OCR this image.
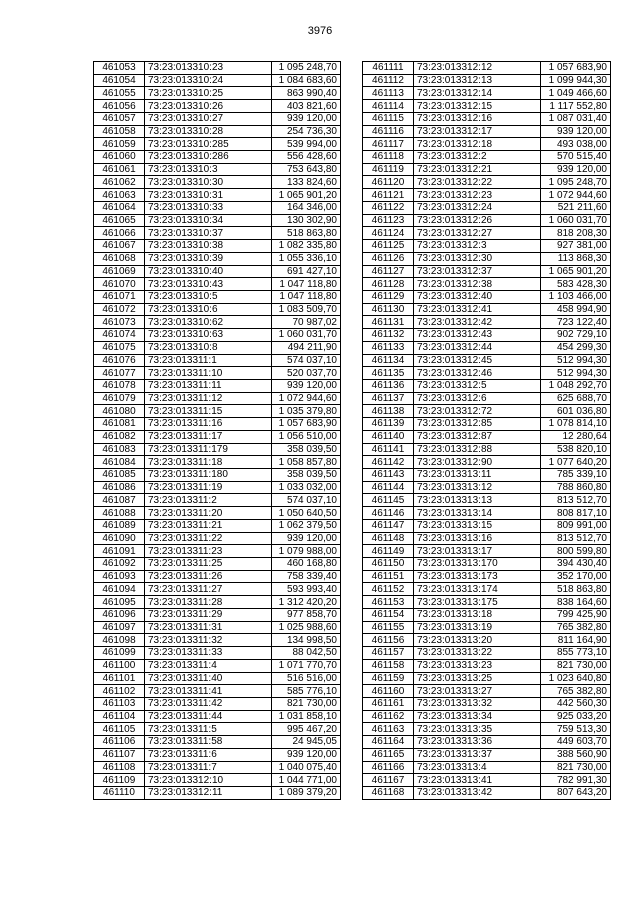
3976
461053	73:23:013310:23	1 095 248,70
461054	73:23:013310:24	1 084 683,60
461055	73:23:013310:25	863 990,40
461056	73:23:013310:26	403 821,60
461057	73:23:013310:27	939 120,00
461058	73:23:013310:28	254 736,30
461059	73:23:013310:285	539 994,00
461060	73:23:013310:286	556 428,60
461061	73:23:013310:3	753 643,80
461062	73:23:013310:30	133 824,60
461063	73:23:013310:31	1 065 901,20
461064	73:23:013310:33	164 346,00
461065	73:23:013310:34	130 302,90
461066	73:23:013310:37	518 863,80
461067	73:23:013310:38	1 082 335,80
461068	73:23:013310:39	1 055 336,10
461069	73:23:013310:40	691 427,10
461070	73:23:013310:43	1 047 118,80
461071	73:23:013310:5	1 047 118,80
461072	73:23:013310:6	1 083 509,70
461073	73:23:013310:62	70 987,02
461074	73:23:013310:63	1 060 031,70
461075	73:23:013310:8	494 211,90
461076	73:23:013311:1	574 037,10
461077	73:23:013311:10	520 037,70
461078	73:23:013311:11	939 120,00
461079	73:23:013311:12	1 072 944,60
461080	73:23:013311:15	1 035 379,80
461081	73:23:013311:16	1 057 683,90
461082	73:23:013311:17	1 056 510,00
461083	73:23:013311:179	358 039,50
461084	73:23:013311:18	1 058 857,80
461085	73:23:013311:180	358 039,50
461086	73:23:013311:19	1 033 032,00
461087	73:23:013311:2	574 037,10
461088	73:23:013311:20	1 050 640,50
461089	73:23:013311:21	1 062 379,50
461090	73:23:013311:22	939 120,00
461091	73:23:013311:23	1 079 988,00
461092	73:23:013311:25	460 168,80
461093	73:23:013311:26	758 339,40
461094	73:23:013311:27	593 993,40
461095	73:23:013311:28	1 312 420,20
461096	73:23:013311:29	977 858,70
461097	73:23:013311:31	1 025 988,60
461098	73:23:013311:32	134 998,50
461099	73:23:013311:33	88 042,50
461100	73:23:013311:4	1 071 770,70
461101	73:23:013311:40	516 516,00
461102	73:23:013311:41	585 776,10
461103	73:23:013311:42	821 730,00
461104	73:23:013311:44	1 031 858,10
461105	73:23:013311:5	995 467,20
461106	73:23:013311:58	24 945,05
461107	73:23:013311:6	939 120,00
461108	73:23:013311:7	1 040 075,40
461109	73:23:013312:10	1 044 771,00
461110	73:23:013312:11	1 089 379,20
461111	73:23:013312:12	1 057 683,90
461112	73:23:013312:13	1 099 944,30
461113	73:23:013312:14	1 049 466,60
461114	73:23:013312:15	1 117 552,80
461115	73:23:013312:16	1 087 031,40
461116	73:23:013312:17	939 120,00
461117	73:23:013312:18	493 038,00
461118	73:23:013312:2	570 515,40
461119	73:23:013312:21	939 120,00
461120	73:23:013312:22	1 095 248,70
461121	73:23:013312:23	1 072 944,60
461122	73:23:013312:24	521 211,60
461123	73:23:013312:26	1 060 031,70
461124	73:23:013312:27	818 208,30
461125	73:23:013312:3	927 381,00
461126	73:23:013312:30	113 868,30
461127	73:23:013312:37	1 065 901,20
461128	73:23:013312:38	583 428,30
461129	73:23:013312:40	1 103 466,00
461130	73:23:013312:41	458 994,90
461131	73:23:013312:42	723 122,40
461132	73:23:013312:43	902 729,10
461133	73:23:013312:44	454 299,30
461134	73:23:013312:45	512 994,30
461135	73:23:013312:46	512 994,30
461136	73:23:013312:5	1 048 292,70
461137	73:23:013312:6	625 688,70
461138	73:23:013312:72	601 036,80
461139	73:23:013312:85	1 078 814,10
461140	73:23:013312:87	12 280,64
461141	73:23:013312:88	538 820,10
461142	73:23:013312:90	1 077 640,20
461143	73:23:013313:11	785 339,10
461144	73:23:013313:12	788 860,80
461145	73:23:013313:13	813 512,70
461146	73:23:013313:14	808 817,10
461147	73:23:013313:15	809 991,00
461148	73:23:013313:16	813 512,70
461149	73:23:013313:17	800 599,80
461150	73:23:013313:170	394 430,40
461151	73:23:013313:173	352 170,00
461152	73:23:013313:174	518 863,80
461153	73:23:013313:175	838 164,60
461154	73:23:013313:18	799 425,90
461155	73:23:013313:19	765 382,80
461156	73:23:013313:20	811 164,90
461157	73:23:013313:22	855 773,10
461158	73:23:013313:23	821 730,00
461159	73:23:013313:25	1 023 640,80
461160	73:23:013313:27	765 382,80
461161	73:23:013313:32	442 560,30
461162	73:23:013313:34	925 033,20
461163	73:23:013313:35	759 513,30
461164	73:23:013313:36	449 603,70
461165	73:23:013313:37	388 560,90
461166	73:23:013313:4	821 730,00
461167	73:23:013313:41	782 991,30
461168	73:23:013313:42	807 643,20
